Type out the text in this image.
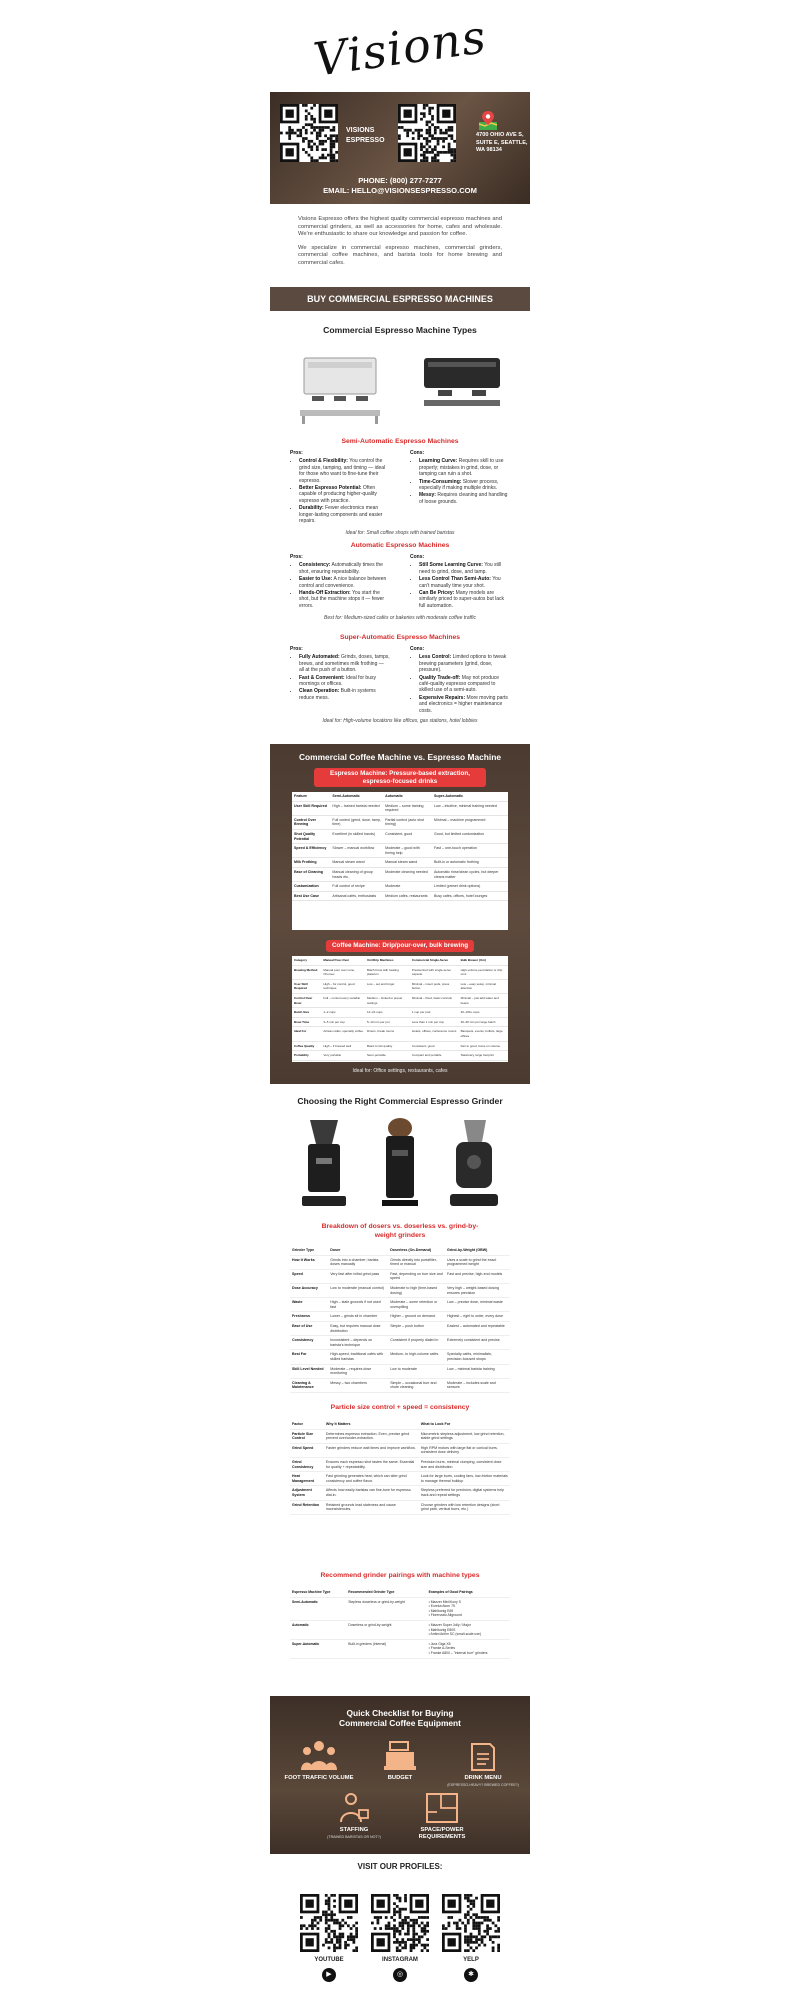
Visions
VISIONS
ESPRESSO
4700 OHIO AVE S, SUITE E, SEATTLE, WA 98134
PHONE: (800) 277-7277
EMAIL: HELLO@VISIONSESPRESSO.COM

Visions Espresso offers the highest quality commercial espresso machines and commercial grinders, as well as accessories for home, cafes and wholesale. We're enthusiastic to share our knowledge and passion for coffee.

We specialize in commercial espresso machines, commercial grinders, commercial coffee machines, and barista tools for home brewing and commercial cafes.

BUY COMMERCIAL ESPRESSO MACHINES
Commercial Espresso Machine Types
Semi-Automatic Espresso Machines
Pros:
• Control & Flexibility: You control the grind size, tamping, and timing — ideal for those who want to fine-tune their espresso.
• Better Espresso Potential: Often capable of producing higher-quality espresso with practice.
• Durability: Fewer electronics mean longer-lasting components and easier repairs.
Cons:
• Learning Curve: Requires skill to use properly; mistakes in grind, dose, or tamping can ruin a shot.
• Time-Consuming: Slower process, especially if making multiple drinks.
• Messy: Requires cleaning and handling of loose grounds.
Ideal for: Small coffee shops with trained baristas
Automatic Espresso Machines
Pros:
• Consistency: Automatically times the shot, ensuring repeatability.
• Easier to Use: A nice balance between control and convenience.
• Hands-Off Extraction: You start the shot, but the machine stops it — fewer errors.
Cons:
• Still Some Learning Curve: You still need to grind, dose, and tamp.
• Less Control Than Semi-Auto: You can't manually time your shot.
• Can Be Pricey: Many models are similarly priced to super-autos but lack full automation.
Best for: Medium-sized cafés or bakeries with moderate coffee traffic
Super-Automatic Espresso Machines
Pros:
• Fully Automated: Grinds, doses, tamps, brews, and sometimes milk frothing — all at the push of a button.
• Fast & Convenient: Ideal for busy mornings or offices.
• Clean Operation: Built-in systems reduce mess.
Cons:
• Less Control: Limited options to tweak brewing parameters (grind, dose, pressure).
• Quality Trade-off: May not produce café-quality espresso compared to skilled use of a semi-auto.
• Expensive Repairs: More moving parts and electronics = higher maintenance costs.
Ideal for: High-volume locations like offices, gas stations, hotel lobbies
Commercial Coffee Machine vs. Espresso Machine
Espresso Machine: Pressure-based extraction, espresso-focused drinks
Feature	Semi-Automatic	Automatic	Super-Automatic
User Skill Required	High – trained barista needed	Medium – some training required	Low – intuitive, minimal training needed
Control Over Brewing	Full control (grind, dose, tamp, time)	Partial control (auto shot timing)	Minimal – machine programmed
Shot Quality Potential	Excellent (in skilled hands)	Consistent, good	Good, but limited customization
Speed & Efficiency	Slower – manual workflow	Moderate – good with timing help	Fast – one-touch operation
Milk Frothing	Manual steam wand	Manual steam wand	Built-in or automatic frothing
Ease of Cleaning	Manual cleaning of group heads etc.	Moderate cleaning needed	Automatic rinse/clean cycles, but deeper cleans matter
Customization	Full control of recipe	Moderate	Limited (preset drink options)
Best Use Case	Artisanal cafés, enthusiasts	Medium cafés, restaurants	Busy cafés, offices, hotel lounges
Coffee Machine: Drip/pour-over, bulk brewing
Category	Manual Pour-Over	Urn/Drip Machines	Commercial Single-Serve	Bulk Brewer (Urn)
Brewing Method	Manual pour over cone, Chemex	Batch brew with heating plate/urn	Pressurized with single-serve capsule	High-volume percolation or drip urns
User Skill Required	High – for control, good technique	Low – set and forget	Minimal – insert pods, press button	Low – easy setup, minimal attention
Control Over Brew	Full – control every variable	Medium – limited to preset settings	Minimal – fixed, basic controls	Minimal – just add water and beans
Batch Size	1–2 cups	12–24 cups	1 cup per pod	40–100+ cups
Brew Time	3–5 min per cup	5–10 min per pot	Less than 1 min per cup	30–60 min per large batch
Ideal For	Artisan cafés, specialty coffee	Diners, break rooms	Hotels, offices, conference rooms	Banquets, events, buffets, large offices
Coffee Quality	High – if brewed well	Basic to fair quality	Consistent, good	Fair to good, focus on volume
Portability	Very portable	Semi-portable	Compact and portable	Stationary, large footprint
Ideal for: Office settings, restaurants, cafes
Choosing the Right Commercial Espresso Grinder
Breakdown of dosers vs. doserless vs. grind-by-weight grinders
Grinder Type	Doser	Doserless (On-Demand)	Grind-by-Weight (GBW)
How It Works	Grinds into a chamber; barista doses manually	Grinds directly into portafilter, timed or manual	Uses a scale to grind the exact programmed weight
Speed	Very fast after initial grind pass	Fast, depending on burr size and speed	Fast and precise, high-end models
Dose Accuracy	Low to moderate (manual control)	Moderate to high (time-based dosing)	Very high – weight-based dosing ensures precision
Waste	High – stale grounds if not used fast	Moderate – some retention or overspilling	Low – precise dose, minimal waste
Freshness	Lower – grinds sit in chamber	Higher – ground on demand	Highest – right to order, every dose
Ease of Use	Easy, but requires manual dose distribution	Simple – push button	Easiest – automated and repeatable
Consistency	Inconsistent – depends on barista's technique	Consistent if properly dialed in	Extremely consistent and precise
Best For	High-speed, traditional cafés with skilled baristas	Medium- to high-volume cafés	Specialty cafés, minimalists, precision-focused shops
Skill Level Needed	Moderate – requires dose monitoring	Low to moderate	Low – minimal barista training
Cleaning & Maintenance	Messy – two chambers	Simple – occasional burr and chute cleaning	Moderate – includes scale and sensors
Particle size control + speed = consistency
Factor	Why It Matters	What to Look For
Particle Size Control	Determines espresso extraction. Even, precise grind prevent over/under-extraction.	Micrometric stepless adjustment, low grind retention, stable grind settings
Grind Speed	Faster grinders reduce wait times and improve workflow.	High RPM motors with large flat or conical burrs, consistent dose delivery
Grind Consistency	Ensures each espresso shot tastes the same. Essential for quality + repeatability.	Precision burrs, minimal clumping, consistent dose size and distribution
Heat Management	Fast grinding generates heat, which can alter grind consistency and coffee flavor.	Look for large burrs, cooling fans, low-friction materials to manage thermal buildup
Adjustment System	Affects how easily baristas can fine-tune for espresso dial-in.	Stepless preferred for precision; digital systems help track and repeat settings
Grind Retention	Retained grounds lead staleness and cause inconsistencies.	Choose grinders with low retention designs (short grind path, vertical burrs, etc.)
Recommend grinder pairings with machine types
Espresso Machine Type	Recommended Grinder Type	Examples of Good Pairings
Semi-Automatic	Stepless doserless or grind-by-weight	• Mazzer Mini/Kony S
• Eureka Atom 75
• Mahlkonig E65
• Fiorenzato Allground
Automatic	Doserless or grind-by-weight	• Mazzer Super Jolly / Major
• Mahlkonig E80S
• Anfim/Anfim SC (small-scale use)
Super-Automatic	Built-in grinders (internal)	• Jura Giga X8
• Franke A-Series
• Franke A800 – "internal burr" grinders
Quick Checklist for Buying
Commercial Coffee Equipment
FOOT TRAFFIC VOLUME	BUDGET	DRINK MENU
(ESPRESSO-HEAVY? BREWED COFFEE?)
STAFFING
(TRAINED BARISTAS OR NOT?)
SPACE/POWER REQUIREMENTS
VISIT OUR PROFILES:
YOUTUBE
▶
INSTAGRAM
◎
YELP
✱
